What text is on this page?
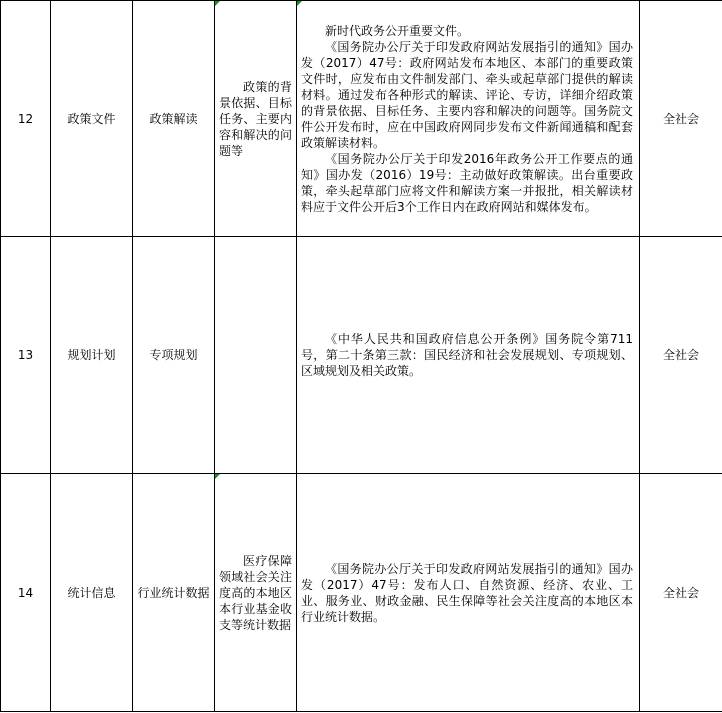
12	政策文件	政策解读	政策的背景依据、目标任务、主要内容和解决的问题等	新时代政务公开重要文件。

《国务院办公厅关于印发政府网站发展指引的通知》国办发（2017）47号：政府网站发布本地区、本部门的重要政策文件时，应发布由文件制发部门、牵头或起草部门提供的解读材料。通过发布各种形式的解读、评论、专访，详细介绍政策的背景依据、目标任务、主要内容和解决的问题等。国务院文件公开发布时，应在中国政府网同步发布文件新闻通稿和配套政策解读材料。

《国务院办公厅关于印发2016年政务公开工作要点的通知》国办发（2016）19号：主动做好政策解读。出台重要政策，牵头起草部门应将文件和解读方案一并报批，相关解读材料应于文件公开后3个工作日内在政府网站和媒体发布。	全社会
13	规划计划	专项规划		《中华人民共和国政府信息公开条例》国务院令第711号，第二十条第三款：国民经济和社会发展规划、专项规划、区域规划及相关政策。	全社会
14	统计信息	行业统计数据	医疗保障领域社会关注度高的本地区本行业基金收支等统计数据	《国务院办公厅关于印发政府网站发展指引的通知》国办发（2017）47号：发布人口、自然资源、经济、农业、工业、服务业、财政金融、民生保障等社会关注度高的本地区本行业统计数据。	全社会
